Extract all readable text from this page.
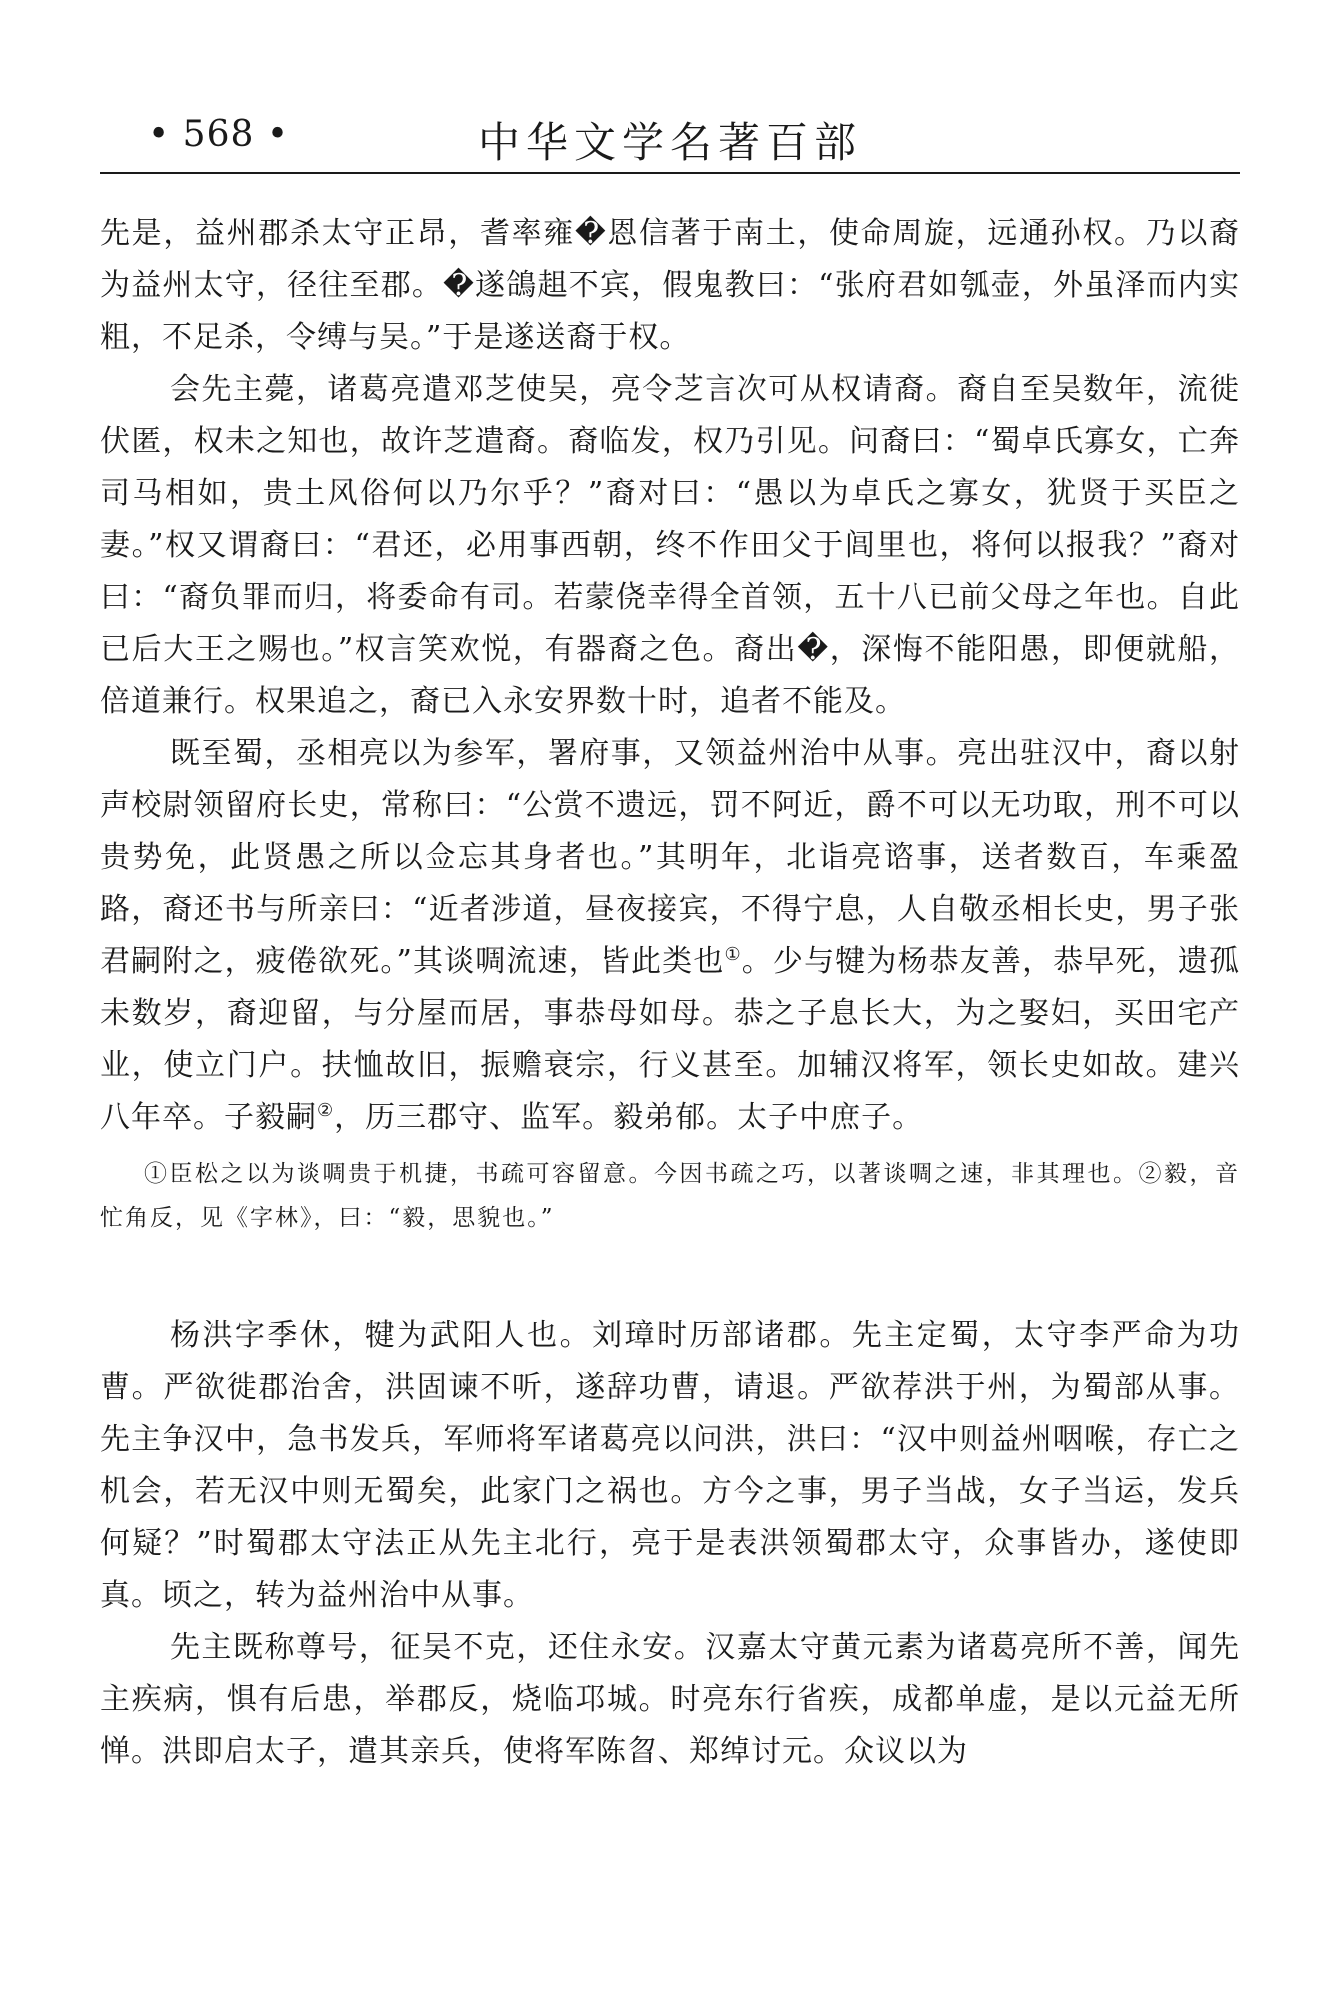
• 568 •	中华文学名著百部

先是，益州郡杀太守正昂，耆率雍�恩信著于南土，使命周旋，远通孙权。乃以裔为益州太守，径往至郡。�遂鴿趄不宾，假鬼教曰：“张府君如瓠壶，外虽泽而内实粗，不足杀，令缚与吴。”于是遂送裔于权。

会先主薨，诸葛亮遣邓芝使吴，亮令芝言次可从权请裔。裔自至吴数年，流徙伏匿，权未之知也，故许芝遣裔。裔临发，权乃引见。问裔曰：“蜀卓氏寡女，亡奔司马相如，贵土风俗何以乃尔乎？”裔对曰：“愚以为卓氏之寡女，犹贤于买臣之妻。”权又谓裔曰：“君还，必用事西朝，终不作田父于闾里也，将何以报我？”裔对曰：“裔负罪而归，将委命有司。若蒙侥幸得全首领，五十八已前父母之年也。自此已后大王之赐也。”权言笑欢悦，有器裔之色。裔出�，深悔不能阳愚，即便就船，倍道兼行。权果追之，裔已入永安界数十时，追者不能及。

既至蜀，丞相亮以为参军，署府事，又领益州治中从事。亮出驻汉中，裔以射声校尉领留府长史，常称曰：“公赏不遗远，罚不阿近，爵不可以无功取，刑不可以贵势免，此贤愚之所以佥忘其身者也。”其明年，北诣亮谘事，送者数百，车乘盈路，裔还书与所亲曰：“近者涉道，昼夜接宾，不得宁息，人自敬丞相长史，男子张君嗣附之，疲倦欲死。”其谈啁流速，皆此类也①。少与犍为杨恭友善，恭早死，遗孤未数岁，裔迎留，与分屋而居，事恭母如母。恭之子息长大，为之娶妇，买田宅产业，使立门户。扶恤故旧，振赡衰宗，行义甚至。加辅汉将军，领长史如故。建兴八年卒。子毅嗣②，历三郡守、监军。毅弟郁。太子中庶子。

①臣松之以为谈啁贵于机捷，书疏可容留意。今因书疏之巧，以著谈啁之速，非其理也。②毅，音忙角反，见《字林》，曰：“毅，思貌也。”

杨洪字季休，犍为武阳人也。刘璋时历部诸郡。先主定蜀，太守李严命为功曹。严欲徙郡治舍，洪固谏不听，遂辞功曹，请退。严欲荐洪于州，为蜀部从事。先主争汉中，急书发兵，军师将军诸葛亮以问洪，洪曰：“汉中则益州咽喉，存亡之机会，若无汉中则无蜀矣，此家门之祸也。方今之事，男子当战，女子当运，发兵何疑？”时蜀郡太守法正从先主北行，亮于是表洪领蜀郡太守，众事皆办，遂使即真。顷之，转为益州治中从事。

先主既称尊号，征吴不克，还住永安。汉嘉太守黄元素为诸葛亮所不善，闻先主疾病，惧有后患，举郡反，烧临邛城。时亮东行省疾，成都单虚，是以元益无所惮。洪即启太子，遣其亲兵，使将军陈曶、郑绰讨元。众议以为
